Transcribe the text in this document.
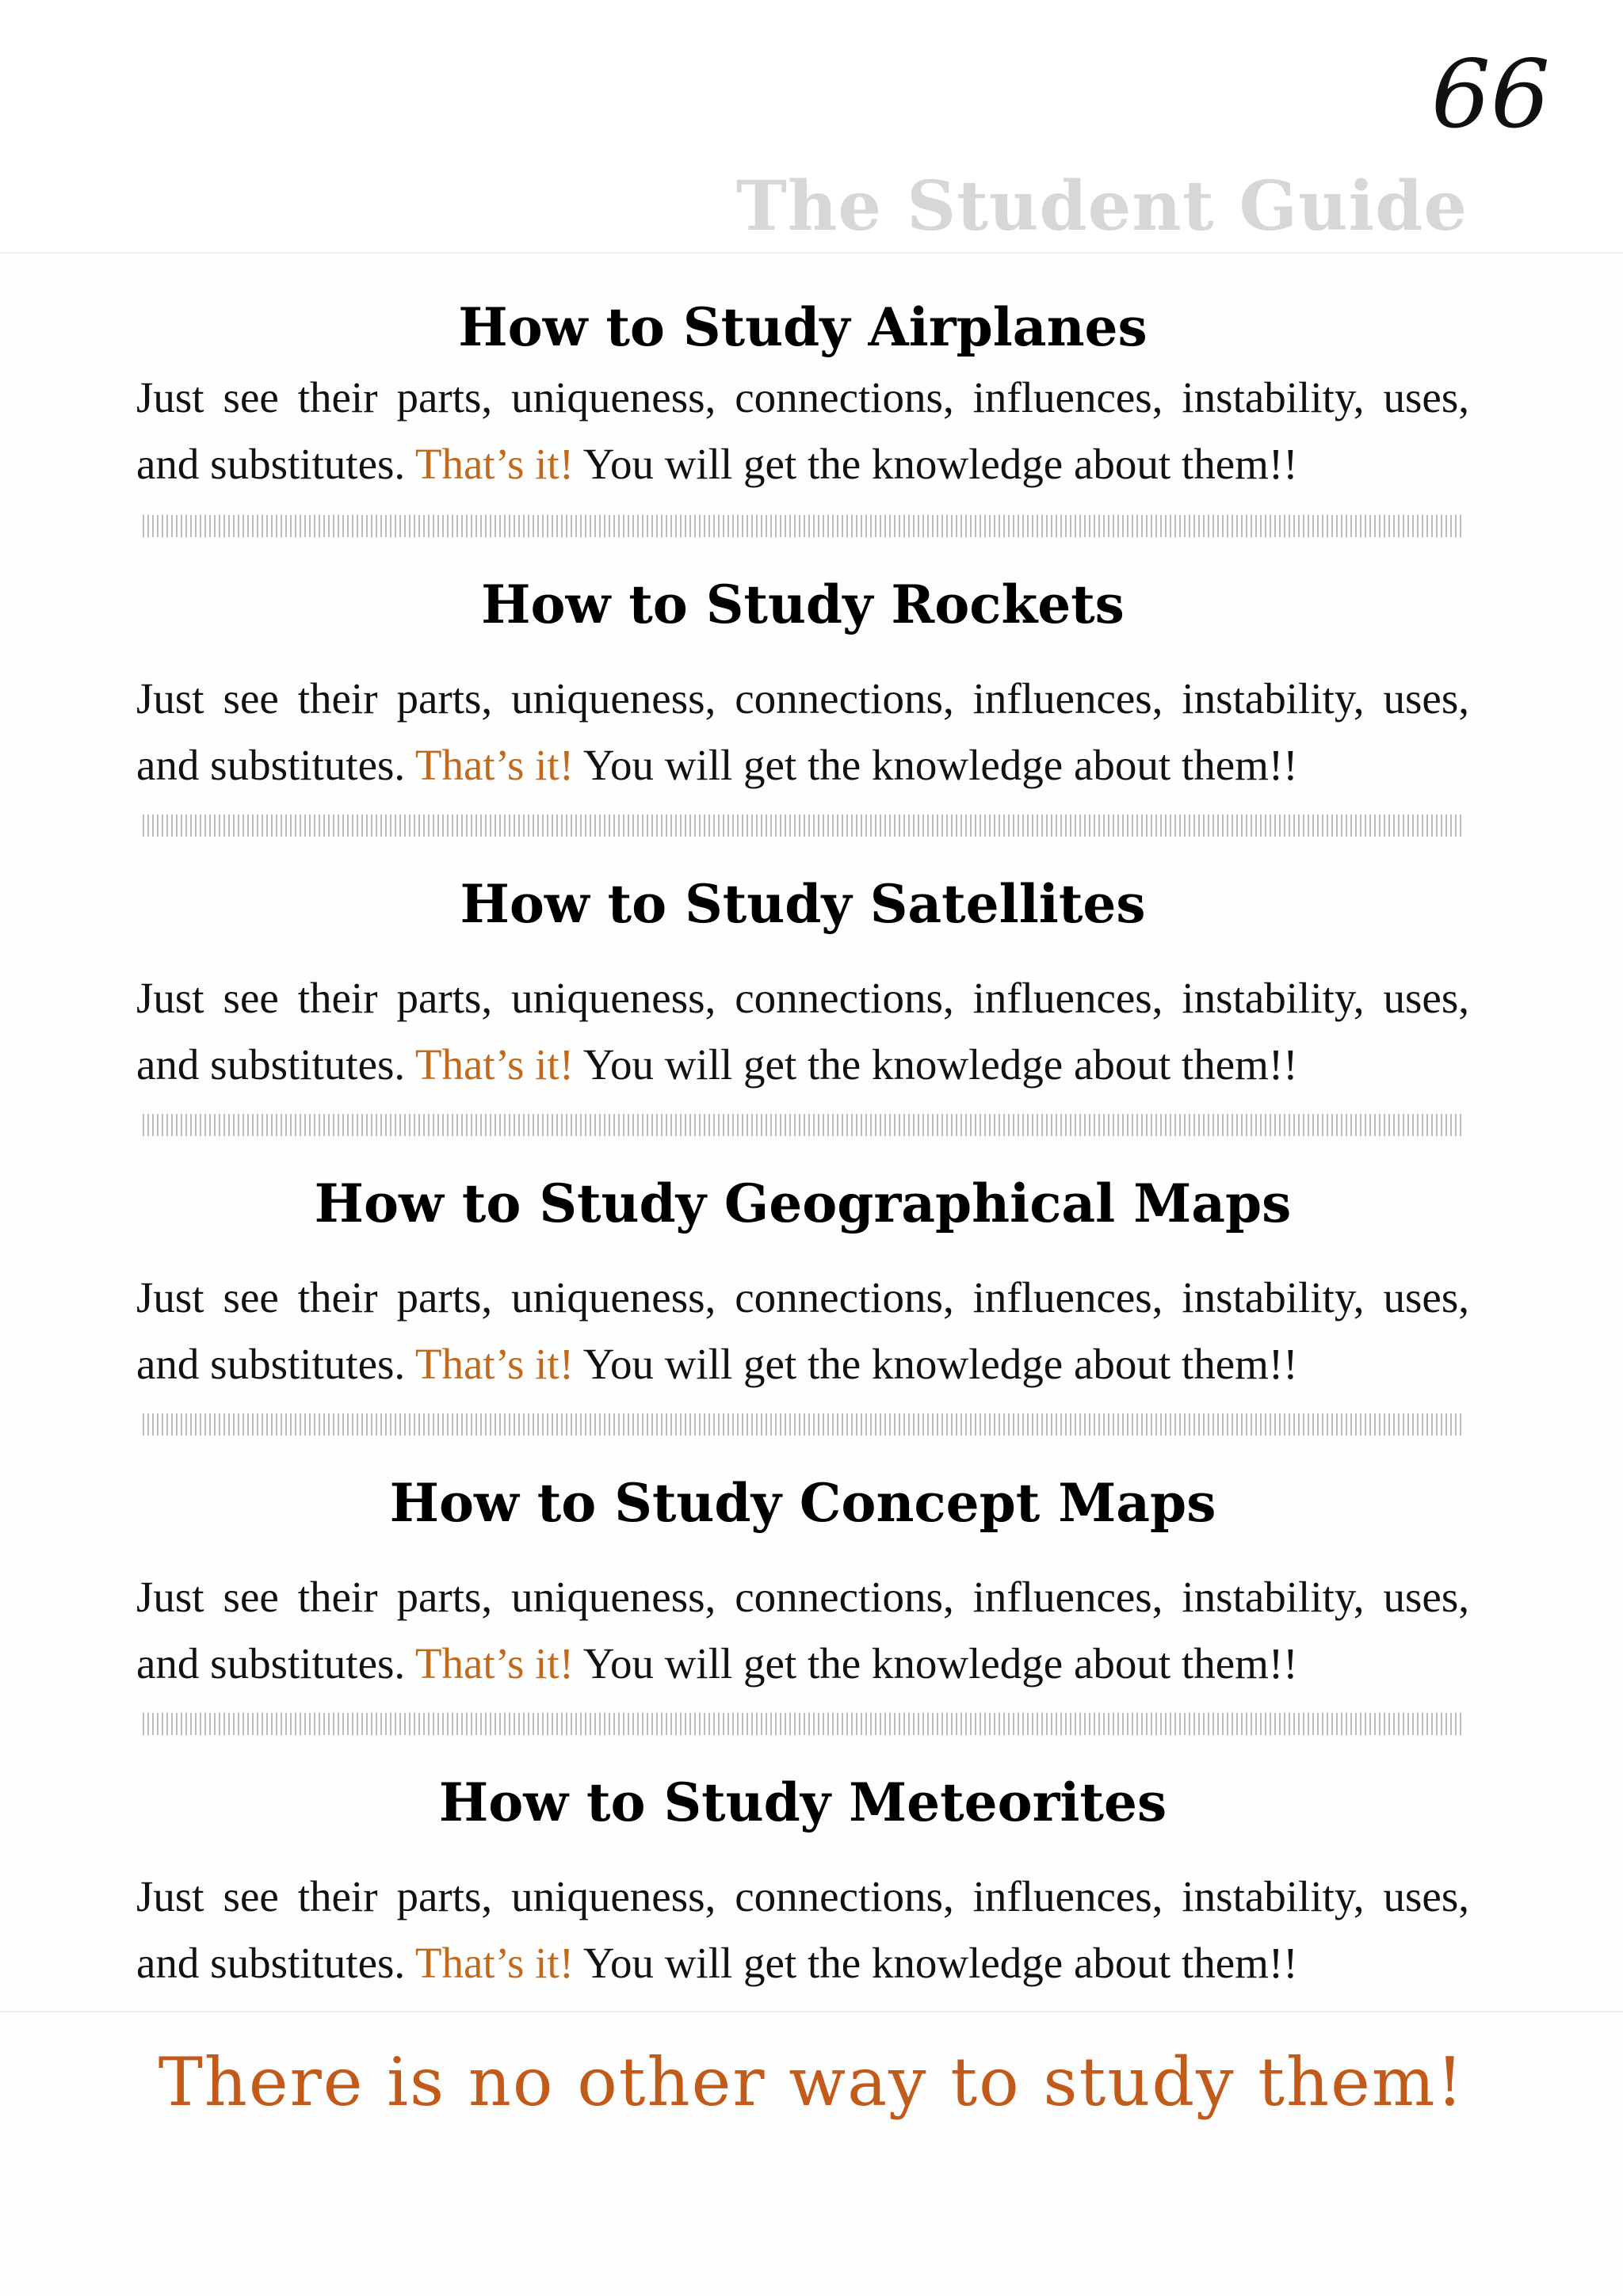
66
The Student Guide
How to Study Airplanes

Just see their parts, uniqueness, connections, influences, instability, uses, and substitutes. That’s it! You will get the knowledge about them!!

How to Study Rockets

Just see their parts, uniqueness, connections, influences, instability, uses, and substitutes. That’s it! You will get the knowledge about them!!

How to Study Satellites

Just see their parts, uniqueness, connections, influences, instability, uses, and substitutes. That’s it! You will get the knowledge about them!!

How to Study Geographical Maps

Just see their parts, uniqueness, connections, influences, instability, uses, and substitutes. That’s it! You will get the knowledge about them!!

How to Study Concept Maps

Just see their parts, uniqueness, connections, influences, instability, uses, and substitutes. That’s it! You will get the knowledge about them!!

How to Study Meteorites

Just see their parts, uniqueness, connections, influences, instability, uses, and substitutes. That’s it! You will get the knowledge about them!!

There is no other way to study them!
